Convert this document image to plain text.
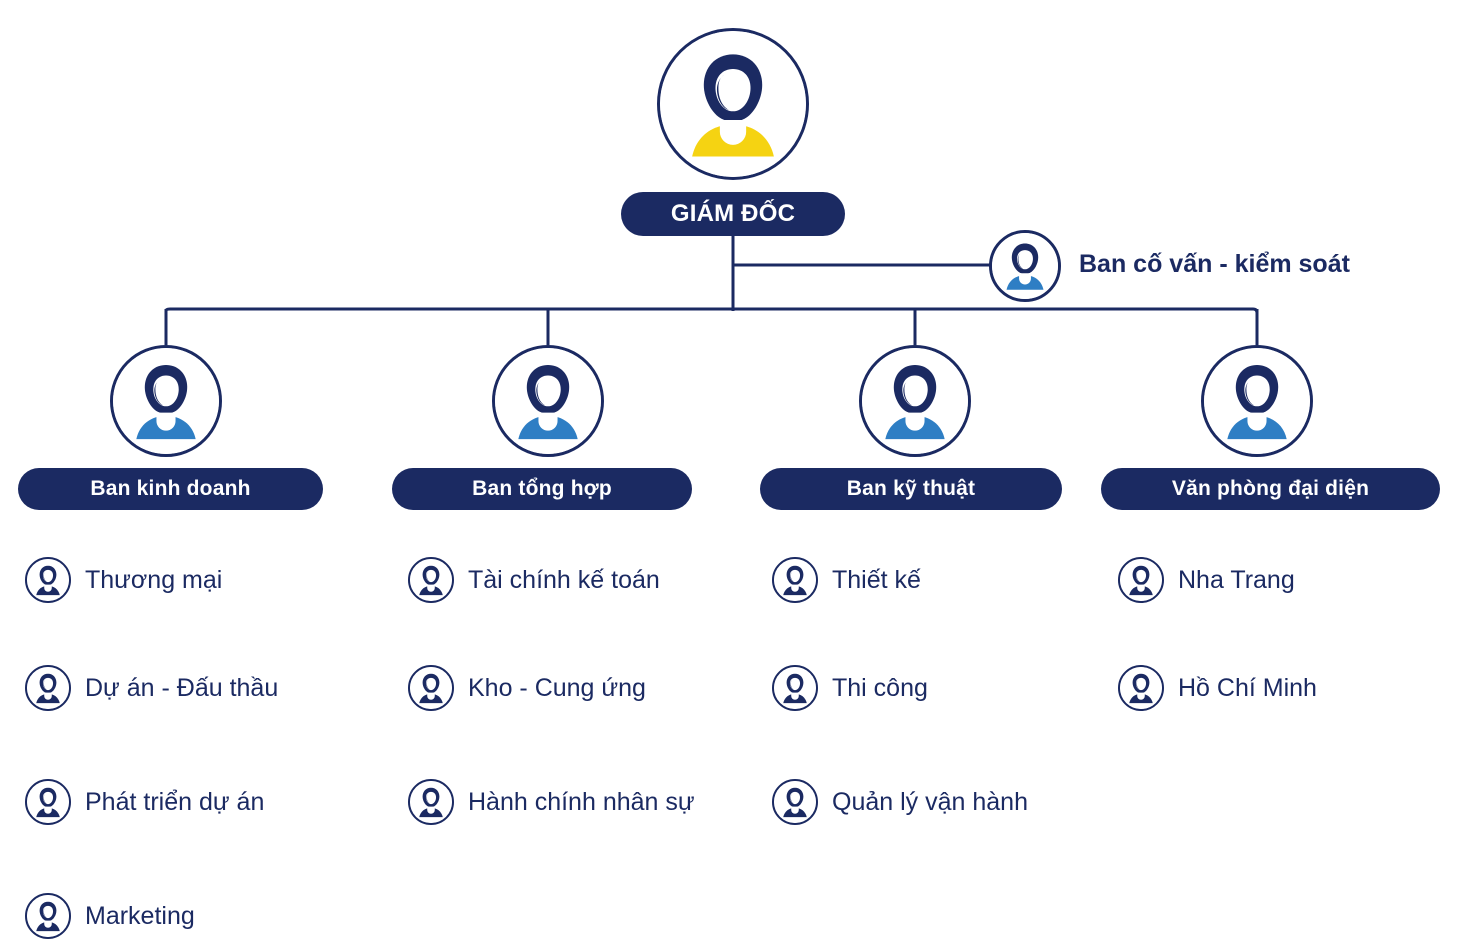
GIÁM ĐỐC
Ban cố vấn - kiểm soát
Ban kinh doanh
Thương mại
Dự án - Đấu thầu
Phát triển dự án
Marketing
Ban tổng hợp
Tài chính kế toán
Kho - Cung ứng
Hành chính nhân sự
Ban kỹ thuật
Thiết kế
Thi công
Quản lý vận hành
Văn phòng đại diện
Nha Trang
Hồ Chí Minh
